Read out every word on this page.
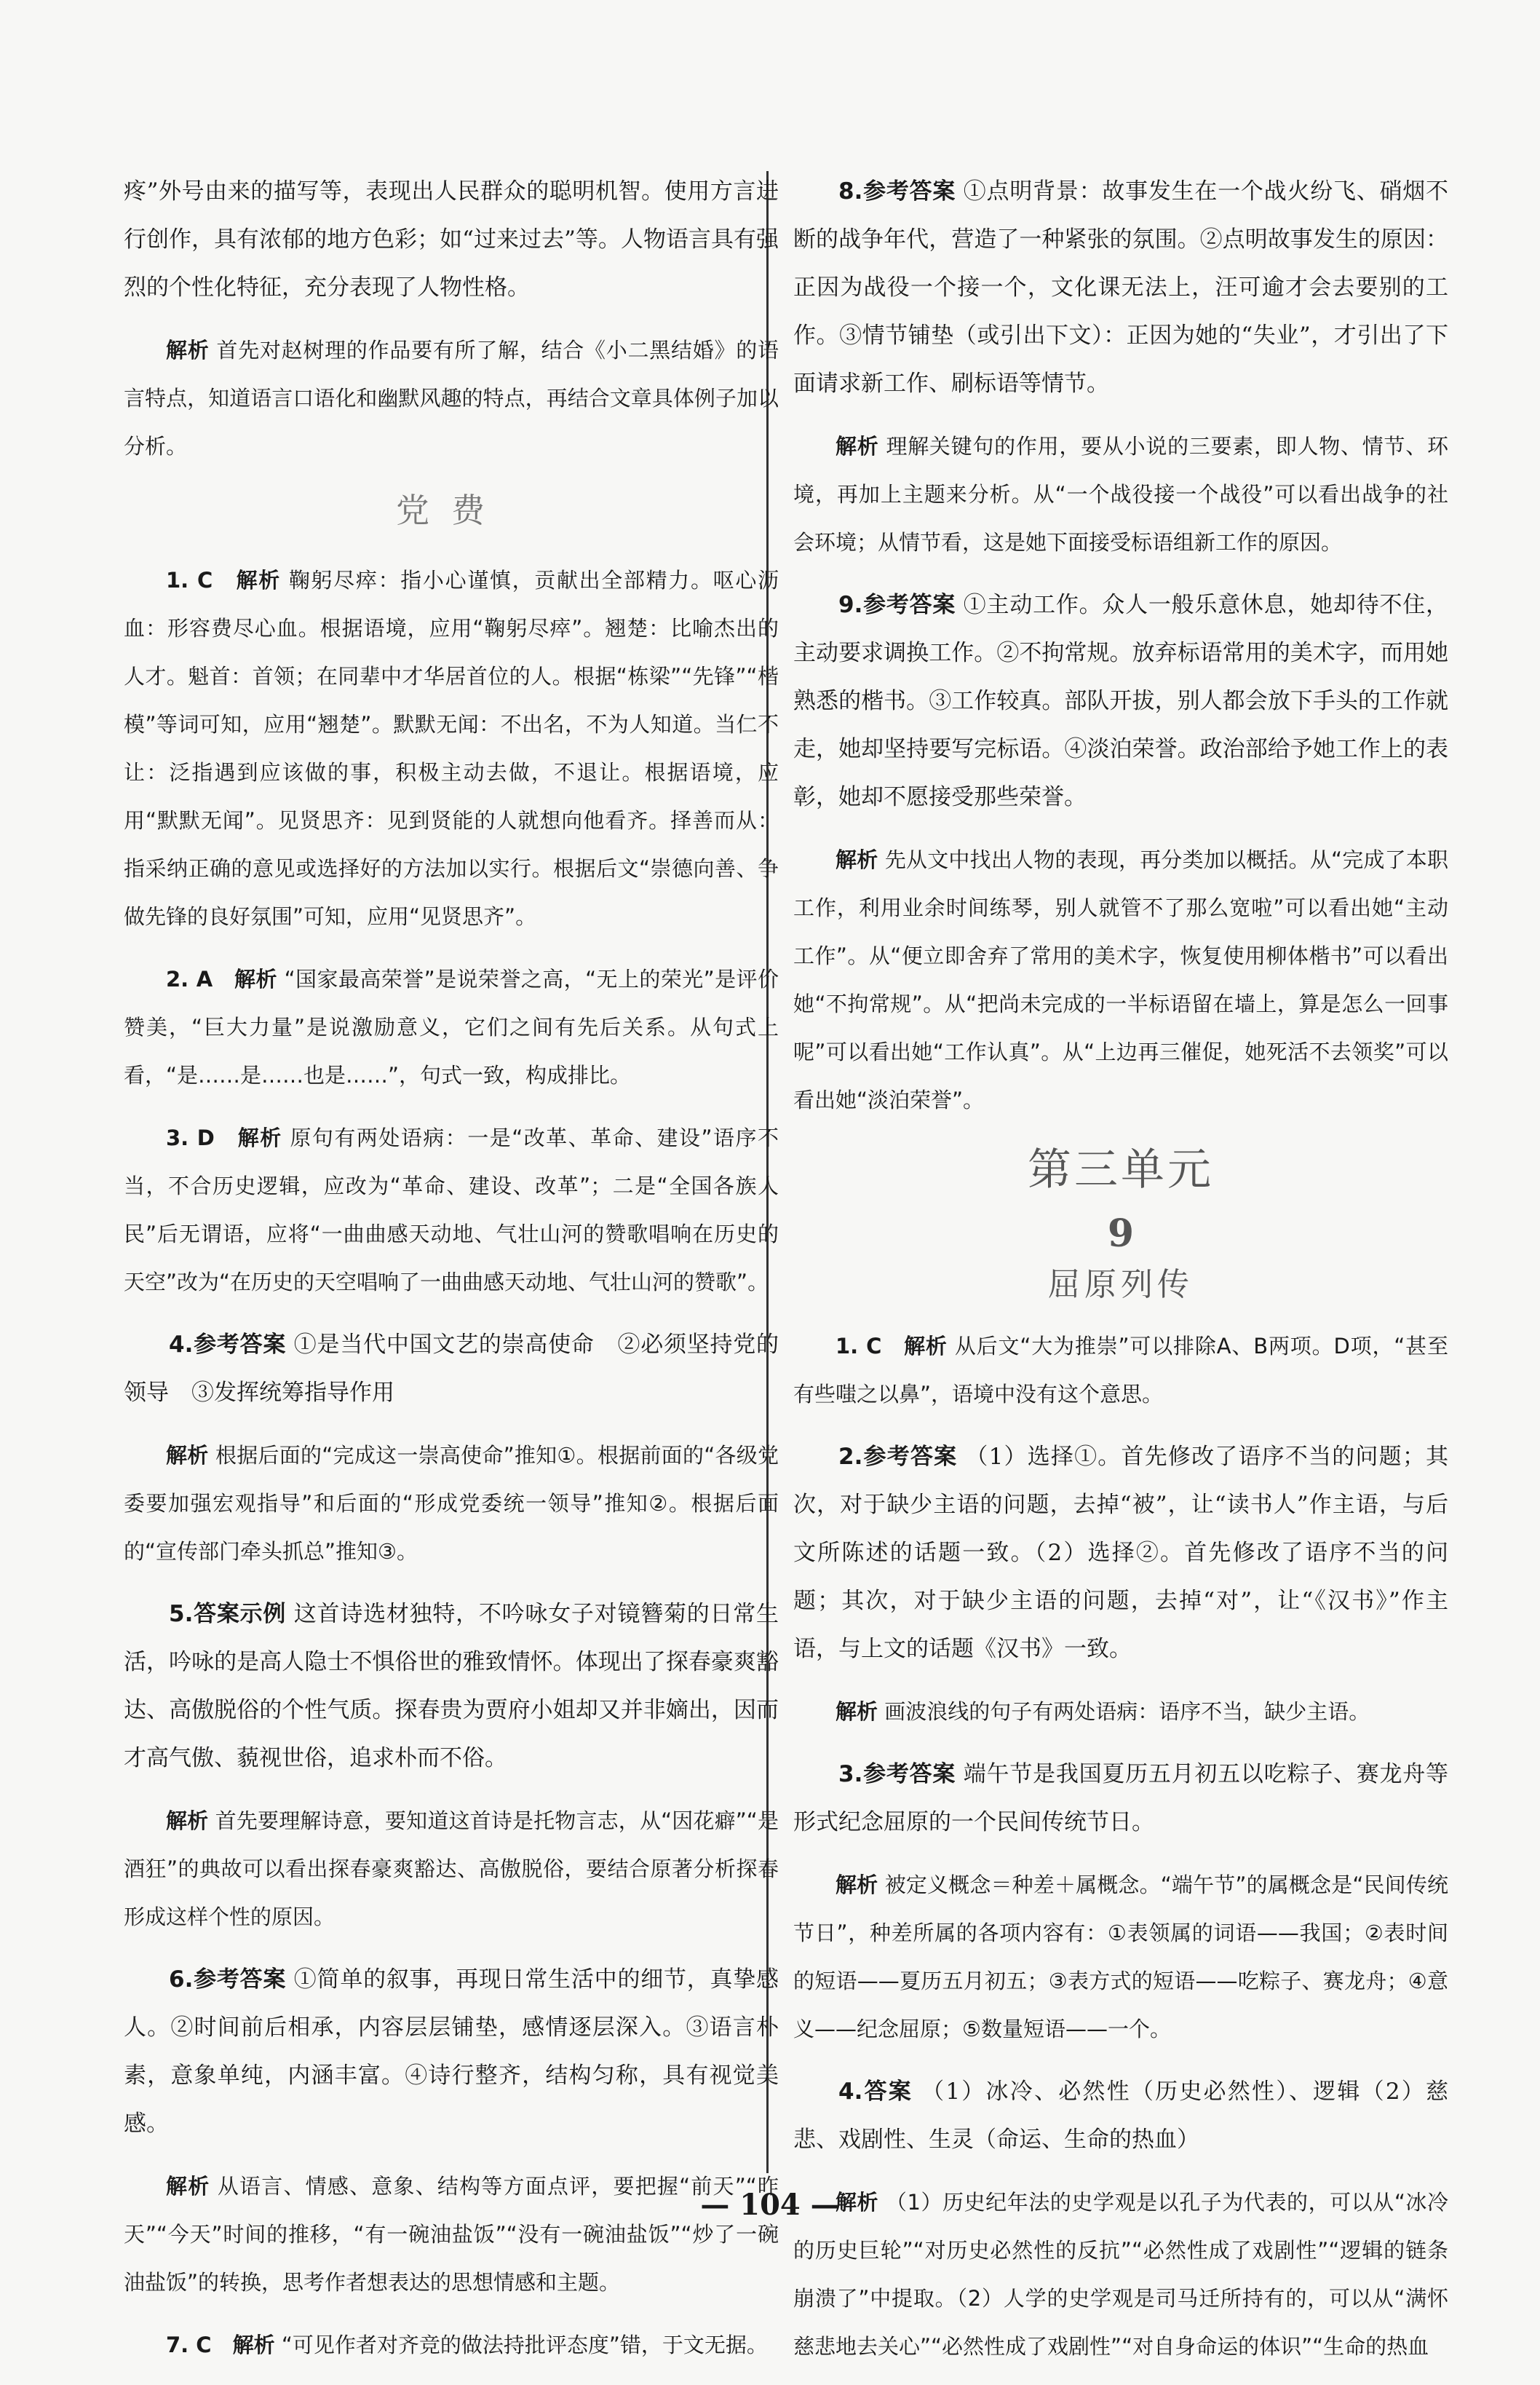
疼”外号由来的描写等，表现出人民群众的聪明机智。使用方言进行创作，具有浓郁的地方色彩；如“过来过去”等。人物语言具有强烈的个性化特征，充分表现了人物性格。

解析 首先对赵树理的作品要有所了解，结合《小二黑结婚》的语言特点，知道语言口语化和幽默风趣的特点，再结合文章具体例子加以分析。

党费

1. C　 解析 鞠躬尽瘁：指小心谨慎，贡献出全部精力。呕心沥血：形容费尽心血。根据语境，应用“鞠躬尽瘁”。翘楚：比喻杰出的人才。魁首：首领；在同辈中才华居首位的人。根据“栋梁”“先锋”“楷模”等词可知，应用“翘楚”。默默无闻：不出名，不为人知道。当仁不让：泛指遇到应该做的事，积极主动去做，不退让。根据语境，应用“默默无闻”。见贤思齐：见到贤能的人就想向他看齐。择善而从：指采纳正确的意见或选择好的方法加以实行。根据后文“崇德向善、争做先锋的良好氛围”可知，应用“见贤思齐”。

2. A　 解析 “国家最高荣誉”是说荣誉之高，“无上的荣光”是评价赞美，“巨大力量”是说激励意义，它们之间有先后关系。从句式上看，“是……是……也是……”，句式一致，构成排比。

3. D　 解析 原句有两处语病：一是“改革、革命、建设”语序不当，不合历史逻辑，应改为“革命、建设、改革”；二是“全国各族人民”后无谓语，应将“一曲曲感天动地、气壮山河的赞歌唱响在历史的天空”改为“在历史的天空唱响了一曲曲感天动地、气壮山河的赞歌”。

4.参考答案 ①是当代中国文艺的崇高使命　②必须坚持党的领导　③发挥统筹指导作用

解析 根据后面的“完成这一崇高使命”推知①。根据前面的“各级党委要加强宏观指导”和后面的“形成党委统一领导”推知②。根据后面的“宣传部门牵头抓总”推知③。

5.答案示例 这首诗选材独特，不吟咏女子对镜簪菊的日常生活，吟咏的是高人隐士不惧俗世的雅致情怀。体现出了探春豪爽豁达、高傲脱俗的个性气质。探春贵为贾府小姐却又并非嫡出，因而才高气傲、藐视世俗，追求朴而不俗。

解析 首先要理解诗意，要知道这首诗是托物言志，从“因花癖”“是酒狂”的典故可以看出探春豪爽豁达、高傲脱俗，要结合原著分析探春形成这样个性的原因。

6.参考答案 ①简单的叙事，再现日常生活中的细节，真挚感人。②时间前后相承，内容层层铺垫，感情逐层深入。③语言朴素，意象单纯，内涵丰富。④诗行整齐，结构匀称，具有视觉美感。

解析 从语言、情感、意象、结构等方面点评，要把握“前天”“昨天”“今天”时间的推移，“有一碗油盐饭”“没有一碗油盐饭”“炒了一碗油盐饭”的转换，思考作者想表达的思想情感和主题。

7. C　 解析 “可见作者对齐竞的做法持批评态度”错，于文无据。

8.参考答案 ①点明背景：故事发生在一个战火纷飞、硝烟不断的战争年代，营造了一种紧张的氛围。②点明故事发生的原因：正因为战役一个接一个，文化课无法上，汪可逾才会去要别的工作。③情节铺垫（或引出下文）：正因为她的“失业”，才引出了下面请求新工作、刷标语等情节。

解析 理解关键句的作用，要从小说的三要素，即人物、情节、环境，再加上主题来分析。从“一个战役接一个战役”可以看出战争的社会环境；从情节看，这是她下面接受标语组新工作的原因。

9.参考答案 ①主动工作。众人一般乐意休息，她却待不住，主动要求调换工作。②不拘常规。放弃标语常用的美术字，而用她熟悉的楷书。③工作较真。部队开拔，别人都会放下手头的工作就走，她却坚持要写完标语。④淡泊荣誉。政治部给予她工作上的表彰，她却不愿接受那些荣誉。

解析 先从文中找出人物的表现，再分类加以概括。从“完成了本职工作，利用业余时间练琴，别人就管不了那么宽啦”可以看出她“主动工作”。从“便立即舍弃了常用的美术字，恢复使用柳体楷书”可以看出她“不拘常规”。从“把尚未完成的一半标语留在墙上，算是怎么一回事呢”可以看出她“工作认真”。从“上边再三催促，她死活不去领奖”可以看出她“淡泊荣誉”。

第三单元
9
屈原列传

1. C　 解析 从后文“大为推崇”可以排除A、B两项。D项，“甚至有些嗤之以鼻”，语境中没有这个意思。

2.参考答案 （1）选择①。首先修改了语序不当的问题；其次，对于缺少主语的问题，去掉“被”，让“读书人”作主语，与后文所陈述的话题一致。（2）选择②。首先修改了语序不当的问题；其次，对于缺少主语的问题，去掉“对”，让“《汉书》”作主语，与上文的话题《汉书》一致。

解析 画波浪线的句子有两处语病：语序不当，缺少主语。

3.参考答案 端午节是我国夏历五月初五以吃粽子、赛龙舟等形式纪念屈原的一个民间传统节日。

解析 被定义概念＝种差＋属概念。“端午节”的属概念是“民间传统节日”，种差所属的各项内容有：①表领属的词语——我国；②表时间的短语——夏历五月初五；③表方式的短语——吃粽子、赛龙舟；④意义——纪念屈原；⑤数量短语——一个。

4.答案 （1）冰冷、必然性（历史必然性）、逻辑（2）慈悲、戏剧性、生灵（命运、生命的热血）

解析 （1）历史纪年法的史学观是以孔子为代表的，可以从“冰冷的历史巨轮”“对历史必然性的反抗”“必然性成了戏剧性”“逻辑的链条崩溃了”中提取。（2）人学的史学观是司马迁所持有的，可以从“满怀慈悲地去关心”“必然性成了戏剧性”“对自身命运的体识”“生命的热血

— 104 —
